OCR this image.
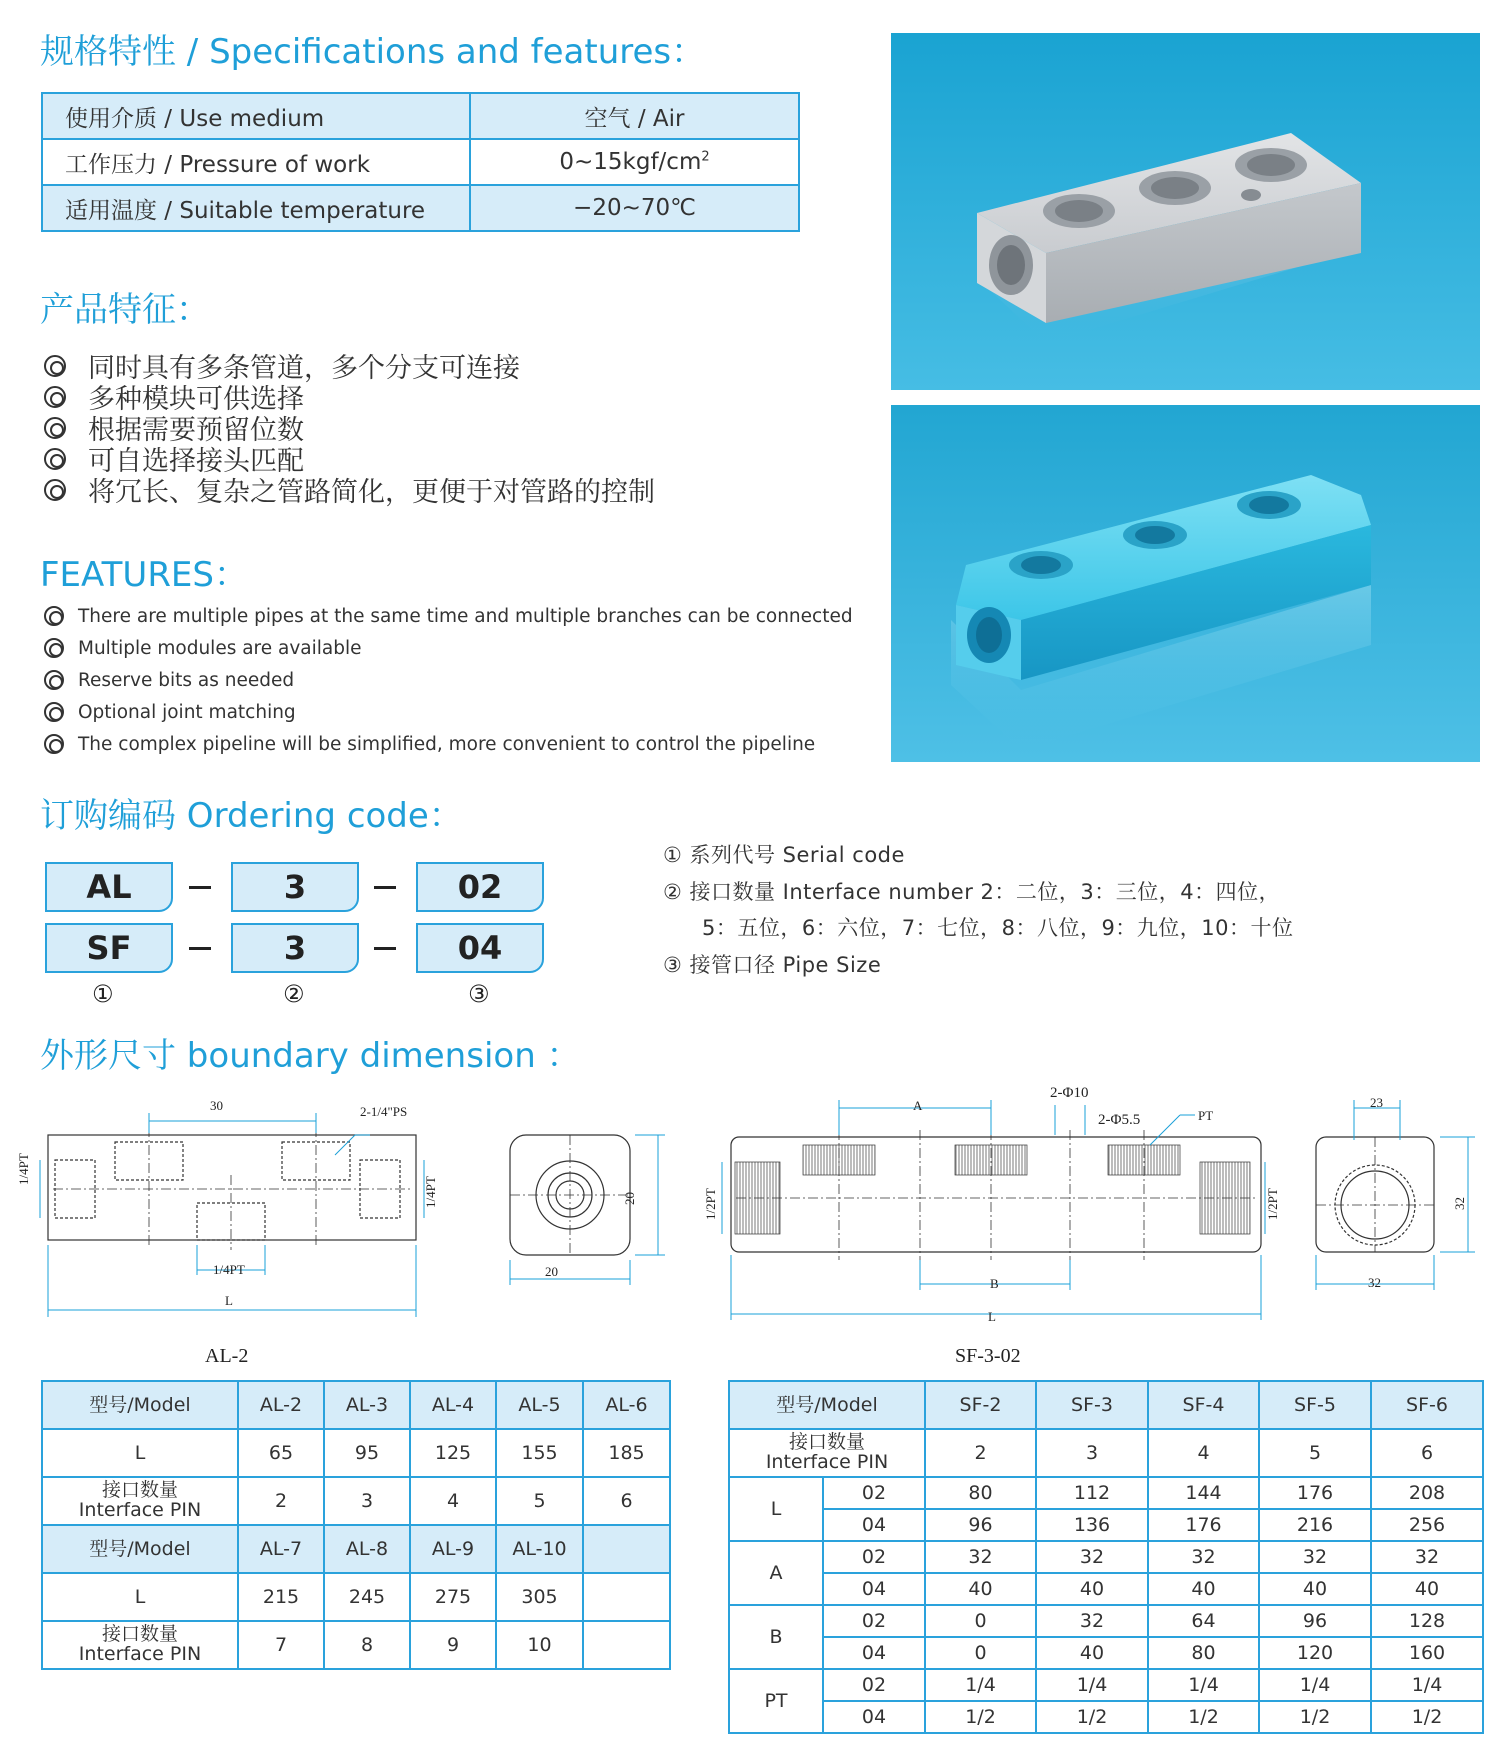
规格特性 / Specifications and features：
使用介质 / Use medium	空气 / Air
工作压力 / Pressure of work	$0\sim 15kgf/cm^2$
适用温度 / Suitable temperature	−20~70℃
产品特征：
同时具有多条管道，多个分支可连接
多种模块可供选择
根据需要预留位数
可自选择接头匹配
将冗长、复杂之管路简化，更便于对管路的控制
FEATURES：
There are multiple pipes at the same time and multiple branches can be connected
Multiple modules are available
Reserve bits as needed
Optional joint matching
The complex pipeline will be simplified, more convenient to control the pipeline
订购编码 Ordering code：
AL	3	02
SF	3	04
①	②	③
① 系列代号 Serial code
② 接口数量 Interface number 2：二位，3：三位，4：四位，
5：五位，6：六位，7：七位，8：八位，9：九位，10：十位
③ 接管口径 Pipe Size
外形尺寸 boundary dimension ：
30	2-1/4"PS
1/4PT
1/4PT
1/4PT
L
20
20
AL-2
A
2-Φ10
2-Φ5.5	PT
1/2PT	1/2PT
B
L
23
32
32
SF-3-02
型号/Model	AL-2	AL-3	AL-4	AL-5	AL-6
L	65	95	125	155	185

接口数量
Interface PIN	2	3	4	5	6
型号/Model	AL-7	AL-8	AL-9	AL-10	
L	215	245	275	305	

接口数量
Interface PIN	7	8	9	10	
型号/Model		SF-2	SF-3	SF-4	SF-5	SF-6

接口数量
Interface PIN		2	3	4	5	6
L	02	80	112	144	176	208
	04	96	136	176	216	256
A	02	32	32	32	32	32
	04	40	40	40	40	40
B	02	0	32	64	96	128
	04	0	40	80	120	160
PT	02	1/4	1/4	1/4	1/4	1/4
	04	1/2	1/2	1/2	1/2	1/2
